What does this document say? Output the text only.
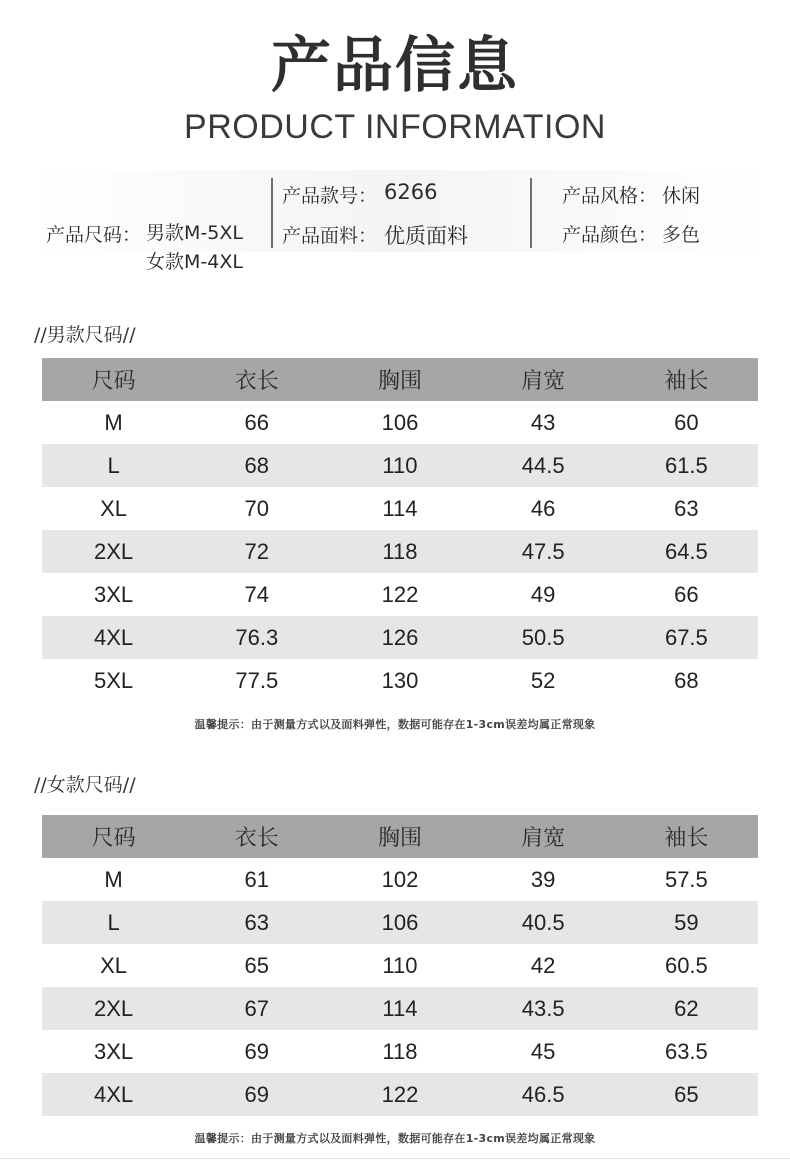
产品信息
PRODUCT INFORMATION
产品尺码： 男款M-5XL
女款M-4XL
产品款号： 6266
产品面料： 优质面料
产品风格： 休闲
产品颜色： 多色
//男款尺码//
尺码	衣长	胸围	肩宽	袖长
M	66	106	43	60
L	68	110	44.5	61.5
XL	70	114	46	63
2XL	72	118	47.5	64.5
3XL	74	122	49	66
4XL	76.3	126	50.5	67.5
5XL	77.5	130	52	68
温馨提示：由于测量方式以及面料弹性，数据可能存在1-3cm误差均属正常现象
//女款尺码//
尺码	衣长	胸围	肩宽	袖长
M	61	102	39	57.5
L	63	106	40.5	59
XL	65	110	42	60.5
2XL	67	114	43.5	62
3XL	69	118	45	63.5
4XL	69	122	46.5	65
温馨提示：由于测量方式以及面料弹性，数据可能存在1-3cm误差均属正常现象
